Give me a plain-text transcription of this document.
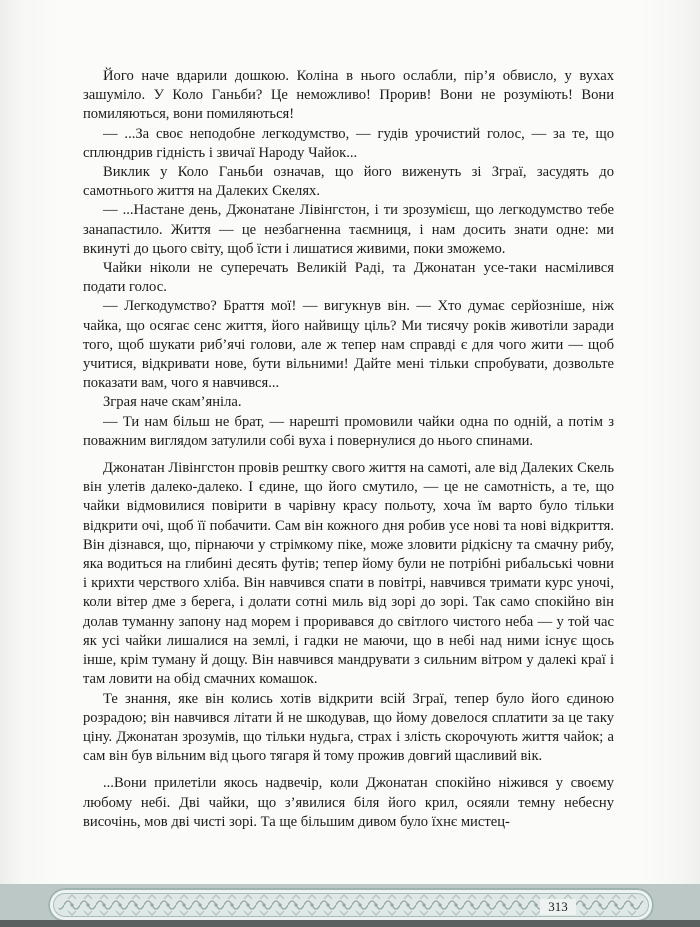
Його наче вдарили дошкою. Коліна в нього ослабли, пір’я обвисло, у вухах зашуміло. У Коло Ганьби? Це неможливо! Прорив! Вони не розуміють! Вони помиляються, вони помиляються!

— ...За своє неподобне легкодумство, — гудів урочистий голос, — за те, що сплюндрив гідність і звичаї Народу Чайок...

Виклик у Коло Ганьби означав, що його виженуть зі Зграї, засудять до самотнього життя на Далеких Скелях.

— ...Настане день, Джонатане Лівінгстон, і ти зрозумієш, що легкодумство тебе занапастило. Життя — це незбагненна таємниця, і нам досить знати одне: ми вкинуті до цього світу, щоб їсти і лишатися живими, поки зможемо.

Чайки ніколи не суперечать Великій Раді, та Джонатан усе-таки насмілився подати голос.

— Легкодумство? Браття мої! — вигукнув він. — Хто думає серйозніше, ніж чайка, що осягає сенс життя, його найвищу ціль? Ми тисячу років животіли заради того, щоб шукати риб’ячі голови, але ж тепер нам справді є для чого жити — щоб учитися, відкривати нове, бути вільними! Дайте мені тільки спробувати, дозвольте показати вам, чого я навчився...

Зграя наче скам’яніла.

— Ти нам більш не брат, — нарешті промовили чайки одна по одній, а потім з поважним виглядом затулили собі вуха і повернулися до нього спинами.

Джонатан Лівінгстон провів рештку свого життя на самоті, але від Далеких Скель він улетів далеко-далеко. І єдине, що його смутило, — це не самотність, а те, що чайки відмовилися повірити в чарівну красу польоту, хоча їм варто було тільки відкрити очі, щоб її побачити. Сам він кожного дня робив усе нові та нові відкриття. Він дізнався, що, пірнаючи у стрімкому піке, може зловити рідкісну та смачну рибу, яка водиться на глибині десять футів; тепер йому були не потрібні рибальські човни і крихти черствого хліба. Він навчився спати в повітрі, навчився тримати курс уночі, коли вітер дме з берега, і долати сотні миль від зорі до зорі. Так само спокійно він долав туманну запону над морем і проривався до світлого чистого неба — у той час як усі чайки лишалися на землі, і гадки не маючи, що в небі над ними існує щось інше, крім туману й дощу. Він навчився мандрувати з сильним вітром у далекі краї і там ловити на обід смачних комашок.

Те знання, яке він колись хотів відкрити всій Зграї, тепер було його єдиною розрадою; він навчився літати й не шкодував, що йому довелося сплатити за це таку ціну. Джонатан зрозумів, що тільки нудьга, страх і злість скорочують життя чайок; а сам він був вільним від цього тягаря й тому прожив довгий щасливий вік.

...Вони прилетіли якось надвечір, коли Джонатан спокійно ніжився у своєму любому небі. Дві чайки, що з’явилися біля його крил, осяяли темну небесну височінь, мов дві чисті зорі. Та ще більшим дивом було їхнє мистец-

313
